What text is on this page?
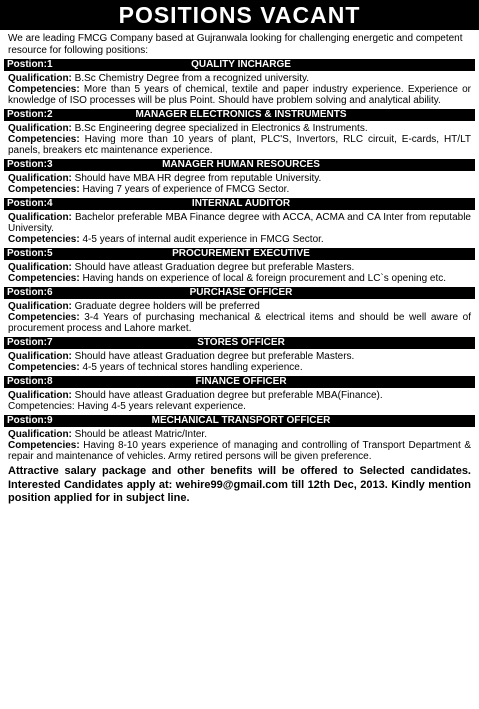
POSITIONS VACANT
We are leading FMCG Company based at Gujranwala looking for challenging energetic and competent resource for following positions:
Postion:1	QUALITY INCHARGE

Qualification: B.Sc Chemistry Degree from a recognized university.

Competencies: More than 5 years of chemical, textile and paper industry experience. Experience or knowledge of ISO processes will be plus Point. Should have problem solving and analytical ability.

Postion:2	MANAGER ELECTRONICS & INSTRUMENTS

Qualification: B.Sc Engineering degree specialized in Electronics & Instruments.

Competencies: Having more than 10 years of plant, PLC'S, Invertors, RLC circuit, E-cards, HT/LT panels, breakers etc maintenance experience.

Postion:3	MANAGER HUMAN RESOURCES

Qualification: Should have MBA HR degree from reputable University.

Competencies: Having 7 years of experience of FMCG Sector.

Postion:4	INTERNAL AUDITOR

Qualification: Bachelor preferable MBA Finance degree with ACCA, ACMA and CA Inter from reputable University.

Competencies: 4-5 years of internal audit experience in FMCG Sector.

Postion:5	PROCUREMENT EXECUTIVE

Qualification: Should have atleast Graduation degree but preferable Masters.

Competencies: Having hands on experience of local & foreign procurement and LC`s opening etc.

Postion:6	PURCHASE OFFICER

Qualification: Graduate degree holders will be preferred

Competencies: 3-4 Years of purchasing mechanical & electrical items and should be well aware of procurement process and Lahore market.

Postion:7	STORES OFFICER

Qualification: Should have atleast Graduation degree but preferable Masters.

Competencies: 4-5 years of technical stores handling experience.

Postion:8	FINANCE OFFICER

Qualification: Should have atleast Graduation degree but preferable MBA(Finance).

Competencies: Having 4-5 years relevant experience.

Postion:9	MECHANICAL TRANSPORT OFFICER

Qualification: Should be atleast Matric/Inter.

Competencies: Having 8-10 years experience of managing and controlling of Transport Department & repair and maintenance of vehicles. Army retired persons will be given preference.

Attractive salary package and other benefits will be offered to Selected candidates. Interested Candidates apply at: wehire99@gmail.com till 12th Dec, 2013. Kindly mention position applied for in subject line.
